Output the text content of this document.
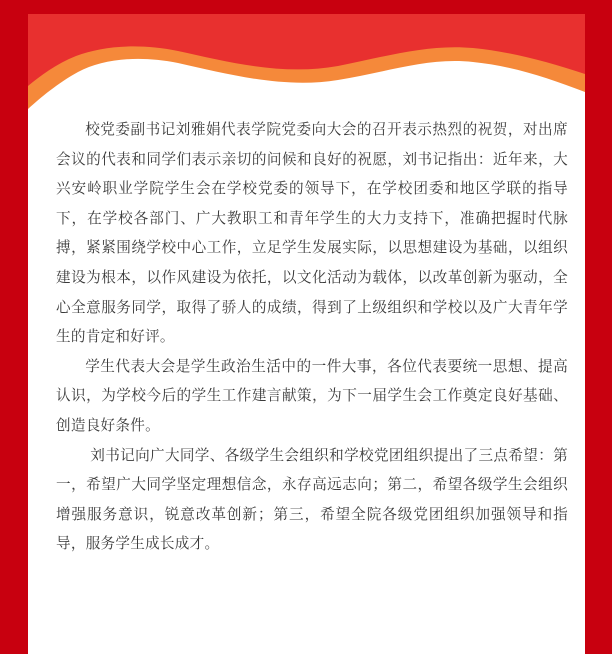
校党委副书记刘雅娟代表学院党委向大会的召开表示热烈的祝贺，对出席会议的代表和同学们表示亲切的问候和良好的祝愿，刘书记指出：近年来，大兴安岭职业学院学生会在学校党委的领导下，在学校团委和地区学联的指导下，在学校各部门、广大教职工和青年学生的大力支持下，准确把握时代脉搏，紧紧围绕学校中心工作，立足学生发展实际，以思想建设为基础，以组织建设为根本，以作风建设为依托，以文化活动为载体，以改革创新为驱动，全心全意服务同学，取得了骄人的成绩，得到了上级组织和学校以及广大青年学生的肯定和好评。

学生代表大会是学生政治生活中的一件大事，各位代表要统一思想、提高认识，为学校今后的学生工作建言献策，为下一届学生会工作奠定良好基础、创造良好条件。

刘书记向广大同学、各级学生会组织和学校党团组织提出了三点希望：第一，希望广大同学坚定理想信念，永存高远志向；第二，希望各级学生会组织增强服务意识，锐意改革创新；第三，希望全院各级党团组织加强领导和指导，服务学生成长成才。
